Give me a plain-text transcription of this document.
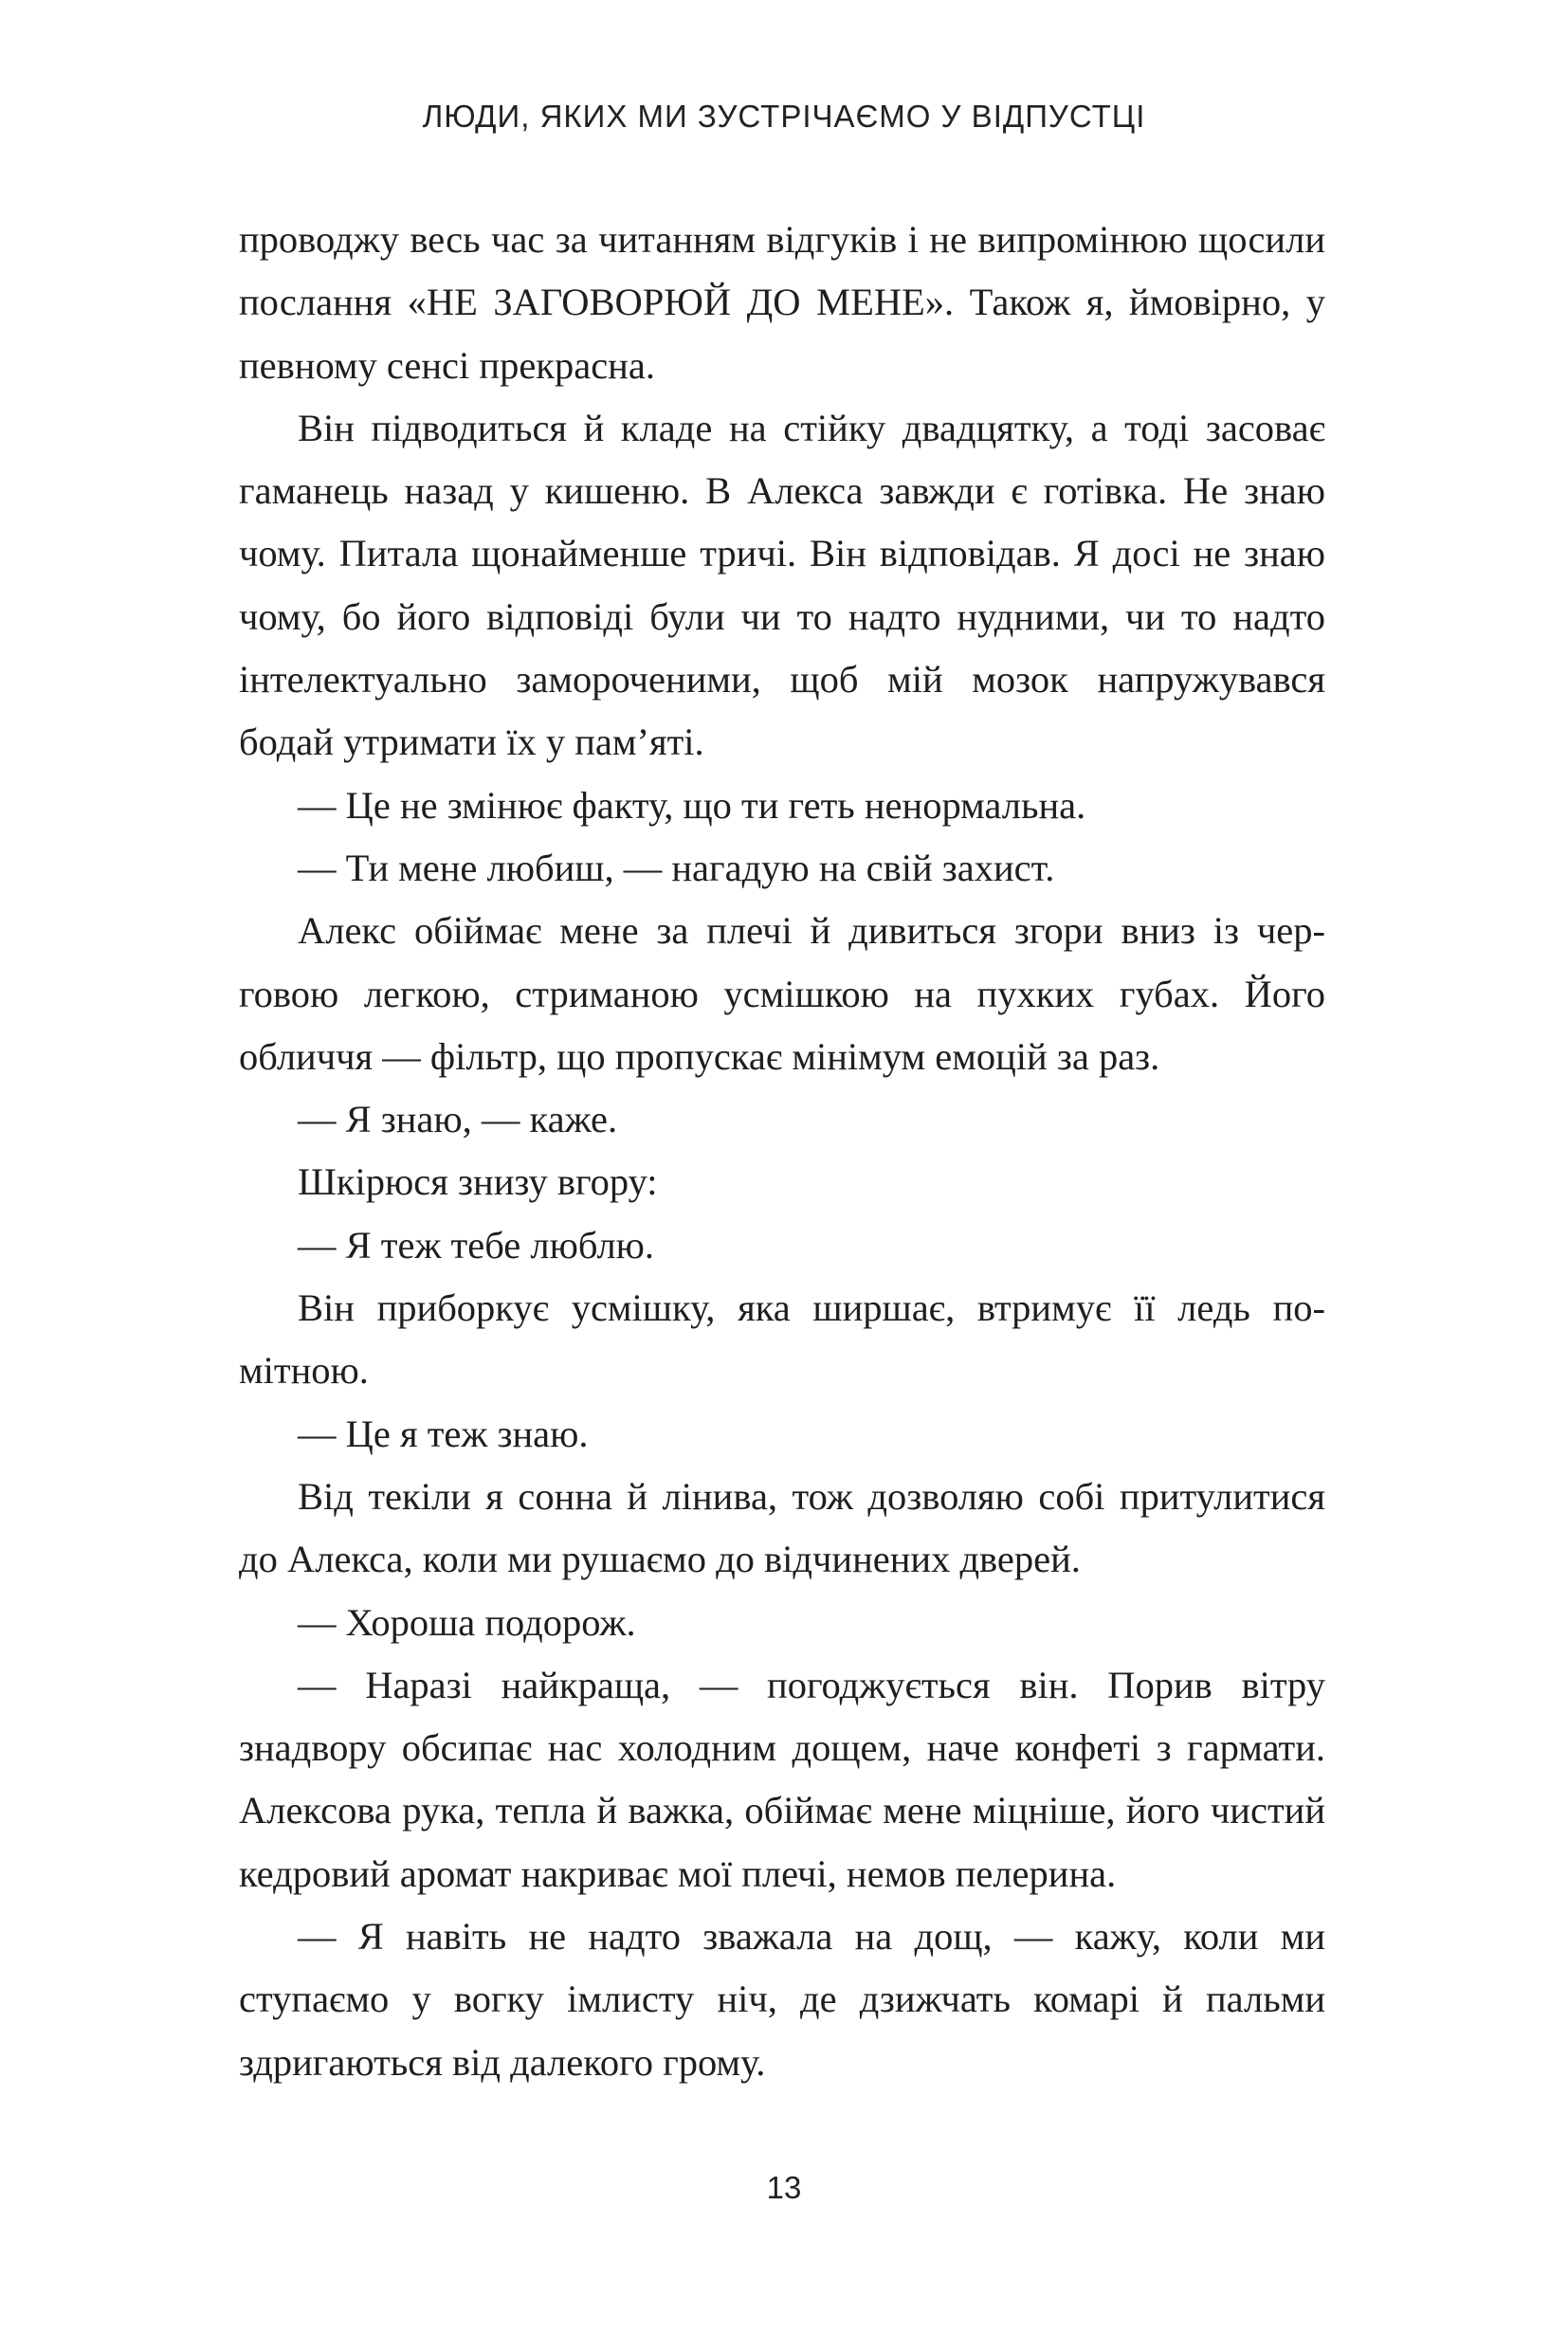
ЛЮДИ, ЯКИХ МИ ЗУСТРІЧАЄМО У ВІДПУСТЦІ

проводжу весь час за читанням відгуків і не випромінюю щосили послання «НЕ ЗАГОВОРЮЙ ДО МЕНЕ». Також я, ймовірно, у певному сенсі прекрасна.

Він підводиться й кладе на стійку двадцятку, а тоді засоває гаманець назад у кишеню. В Алекса завжди є готівка. Не знаю чому. Питала щонайменше тричі. Він відповідав. Я досі не знаю чому, бо його відповіді були чи то надто нудними, чи то надто інтелектуально замороченими, щоб мій мозок напружувався бодай утримати їх у пам’яті.

— Це не змінює факту, що ти геть ненормальна.

— Ти мене любиш, — нагадую на свій захист.

Алекс обіймає мене за плечі й дивиться згори вниз із черговою легкою, стриманою усмішкою на пухких губах. Його обличчя — фільтр, що пропускає мінімум емоцій за раз.

— Я знаю, — каже.

Шкірюся знизу вгору:

— Я теж тебе люблю.

Він приборкує усмішку, яка ширшає, втримує її ледь помітною.

— Це я теж знаю.

Від текіли я сонна й лінива, тож дозволяю собі притулитися до Алекса, коли ми рушаємо до відчинених дверей.

— Хороша подорож.

— Наразі найкраща, — погоджується він. Порив вітру знадвору обсипає нас холодним дощем, наче конфеті з гармати. Алексова рука, тепла й важка, обіймає мене міцніше, його чистий кедровий аромат накриває мої плечі, немов пелерина.

— Я навіть не надто зважала на дощ, — кажу, коли ми ступаємо у вогку імлисту ніч, де дзижчать комарі й пальми здригаються від далекого грому.

13
